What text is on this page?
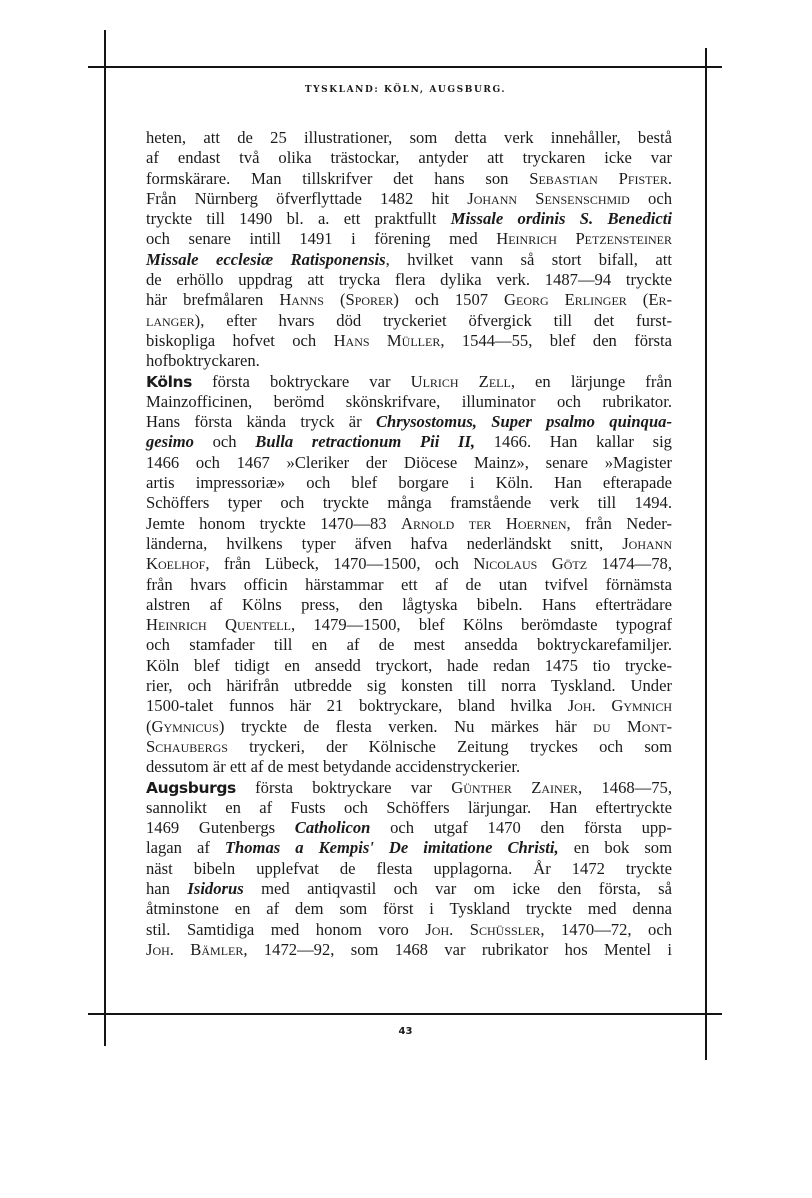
TYSKLAND: KÖLN, AUGSBURG.

heten, att de 25 illustrationer, som detta verk innehåller, bestå
af endast två olika trästockar, antyder att tryckaren icke var
formskärare. Man tillskrifver det hans son Sebastian Pfister.
Från Nürnberg öfverflyttade 1482 hit Johann Sensenschmid och
tryckte till 1490 bl. a. ett praktfullt Missale ordinis S. Benedicti
och senare intill 1491 i förening med Heinrich Petzensteiner
Missale ecclesiæ Ratisponensis, hvilket vann så stort bifall, att
de erhöllo uppdrag att trycka flera dylika verk. 1487—94 tryckte
här brefmålaren Hanns (Sporer) och 1507 Georg Erlinger (Er-
langer), efter hvars död tryckeriet öfvergick till det furst-
biskopliga hofvet och Hans Müller, 1544—55, blef den första
hofboktryckaren.

Kölns första boktryckare var Ulrich Zell, en lärjunge från
Mainzofficinen, berömd skönskrifvare, illuminator och rubrikator.
Hans första kända tryck är Chrysostomus, Super psalmo quinqua-
gesimo och Bulla retractionum Pii II, 1466. Han kallar sig
1466 och 1467 »Cleriker der Diöcese Mainz», senare »Magister
artis impressoriæ» och blef borgare i Köln. Han efterapade
Schöffers typer och tryckte många framstående verk till 1494.
Jemte honom tryckte 1470—83 Arnold ter Hoernen, från Neder-
länderna, hvilkens typer äfven hafva nederländskt snitt, Johann
Koelhof, från Lübeck, 1470—1500, och Nicolaus Götz 1474—78,
från hvars officin härstammar ett af de utan tvifvel förnämsta
alstren af Kölns press, den lågtyska bibeln. Hans efterträdare
Heinrich Quentell, 1479—1500, blef Kölns berömdaste typograf
och stamfader till en af de mest ansedda boktryckarefamiljer.
Köln blef tidigt en ansedd tryckort, hade redan 1475 tio trycke-
rier, och härifrån utbredde sig konsten till norra Tyskland. Under
1500-talet funnos här 21 boktryckare, bland hvilka Joh. Gymnich
(Gymnicus) tryckte de flesta verken. Nu märkes här du Mont-
Schaubergs tryckeri, der Kölnische Zeitung tryckes och som
dessutom är ett af de mest betydande accidenstryckerier.

Augsburgs första boktryckare var Günther Zainer, 1468—75,
sannolikt en af Fusts och Schöffers lärjungar. Han eftertryckte
1469 Gutenbergs Catholicon och utgaf 1470 den första upp-
lagan af Thomas a Kempis' De imitatione Christi, en bok som
näst bibeln upplefvat de flesta upplagorna. År 1472 tryckte
han Isidorus med antiqvastil och var om icke den första, så
åtminstone en af dem som först i Tyskland tryckte med denna
stil. Samtidiga med honom voro Joh. Schüssler, 1470—72, och
Joh. Bämler, 1472—92, som 1468 var rubrikator hos Mentel i

43
